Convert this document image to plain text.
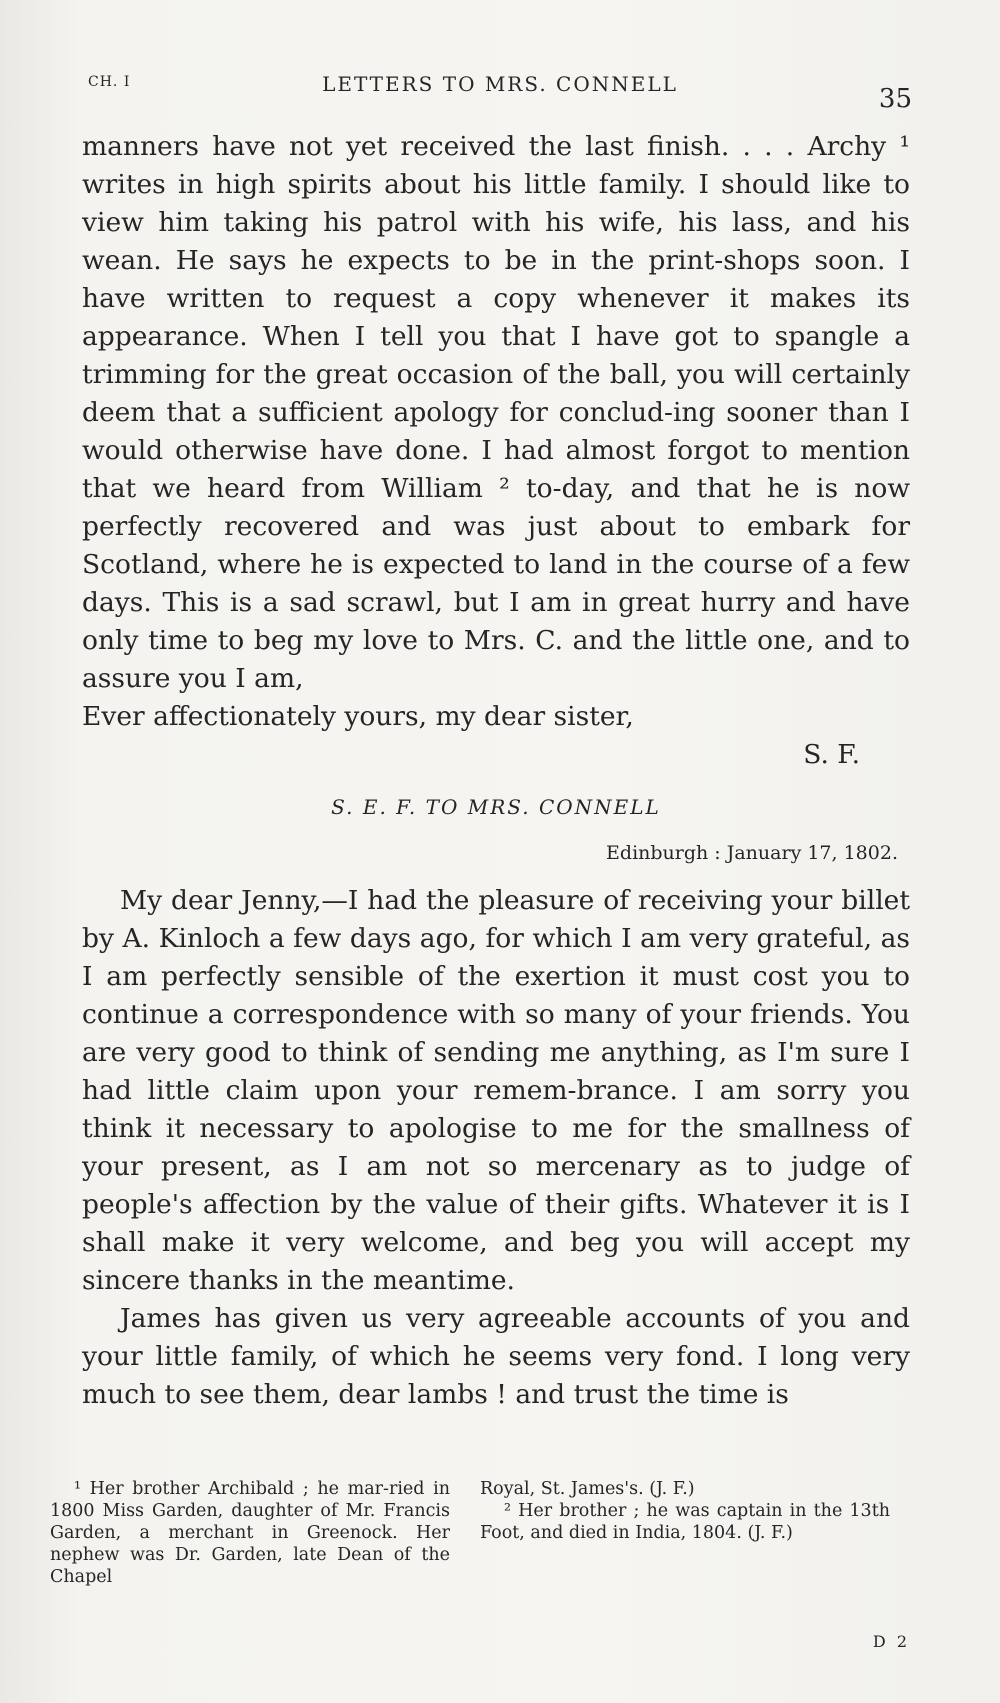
CH. I	LETTERS TO MRS. CONNELL	35

manners have not yet received the last finish. . . . Archy ¹ writes in high spirits about his little family. I should like to view him taking his patrol with his wife, his lass, and his wean. He says he expects to be in the print-shops soon. I have written to request a copy whenever it makes its appearance. When I tell you that I have got to spangle a trimming for the great occasion of the ball, you will certainly deem that a sufficient apology for conclud-ing sooner than I would otherwise have done. I had almost forgot to mention that we heard from William ² to-day, and that he is now perfectly recovered and was just about to embark for Scotland, where he is expected to land in the course of a few days. This is a sad scrawl, but I am in great hurry and have only time to beg my love to Mrs. C. and the little one, and to assure you I am,

Ever affectionately yours, my dear sister,

S. F.

S. E. F. TO MRS. CONNELL
Edinburgh : January 17, 1802.

My dear Jenny,—I had the pleasure of receiving your billet by A. Kinloch a few days ago, for which I am very grateful, as I am perfectly sensible of the exertion it must cost you to continue a correspondence with so many of your friends. You are very good to think of sending me anything, as I'm sure I had little claim upon your remem-brance. I am sorry you think it necessary to apologise to me for the smallness of your present, as I am not so mercenary as to judge of people's affection by the value of their gifts. Whatever it is I shall make it very welcome, and beg you will accept my sincere thanks in the meantime.

James has given us very agreeable accounts of you and your little family, of which he seems very fond. I long very much to see them, dear lambs ! and trust the time is

¹ Her brother Archibald ; he mar-ried in 1800 Miss Garden, daughter of Mr. Francis Garden, a merchant in Greenock. Her nephew was Dr. Garden, late Dean of the Chapel

Royal, St. James's. (J. F.)

² Her brother ; he was captain in the 13th Foot, and died in India, 1804. (J. F.)

D 2
